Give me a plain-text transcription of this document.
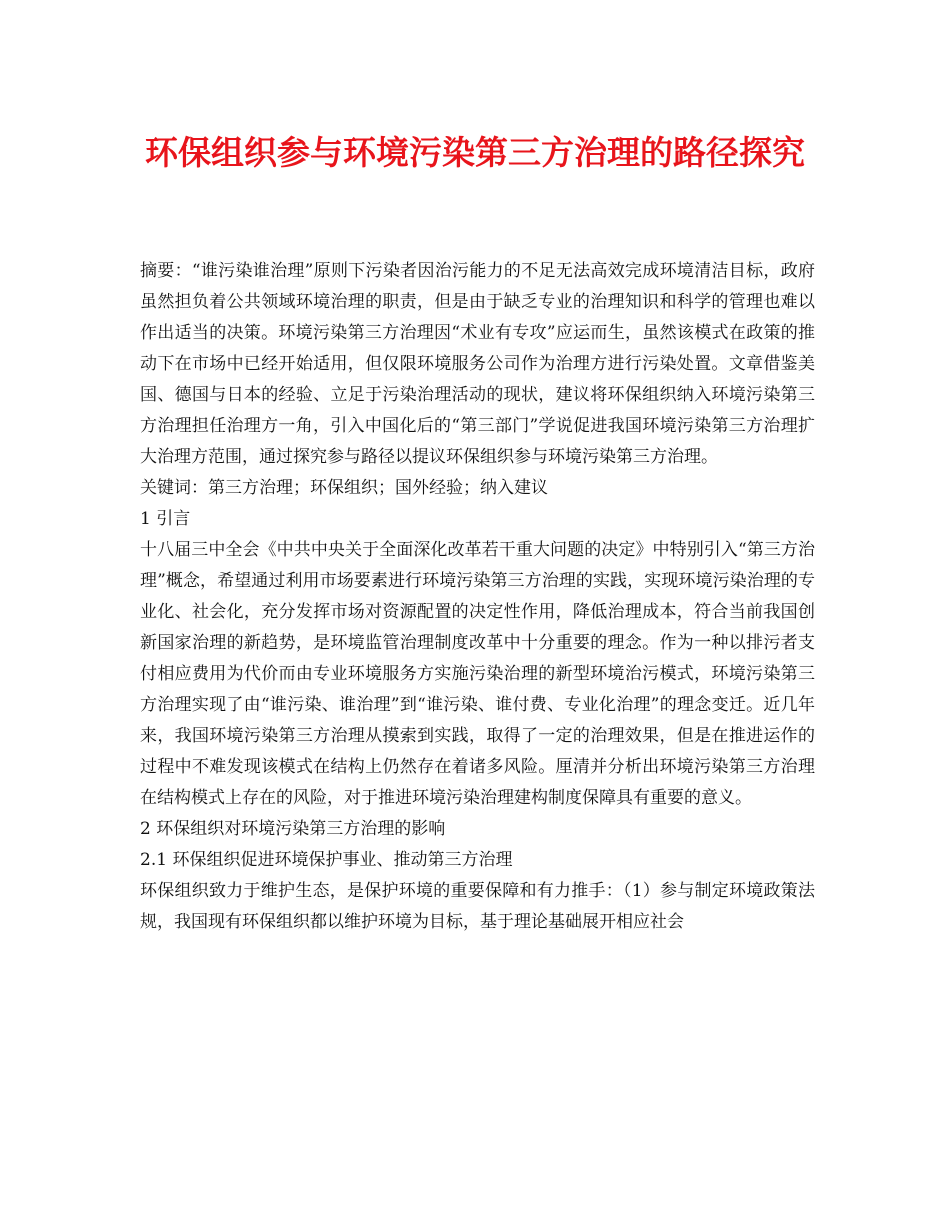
环保组织参与环境污染第三方治理的路径探究

摘要：“谁污染谁治理”原则下污染者因治污能力的不足无法高效完成环境清洁目标，政府虽然担负着公共领域环境治理的职责，但是由于缺乏专业的治理知识和科学的管理也难以作出适当的决策。环境污染第三方治理因“术业有专攻”应运而生，虽然该模式在政策的推动下在市场中已经开始适用，但仅限环境服务公司作为治理方进行污染处置。文章借鉴美国、德国与日本的经验、立足于污染治理活动的现状，建议将环保组织纳入环境污染第三方治理担任治理方一角，引入中国化后的“第三部门”学说促进我国环境污染第三方治理扩大治理方范围，通过探究参与路径以提议环保组织参与环境污染第三方治理。

关键词：第三方治理；环保组织；国外经验；纳入建议

1 引言

十八届三中全会《中共中央关于全面深化改革若干重大问题的决定》中特别引入“第三方治理”概念，希望通过利用市场要素进行环境污染第三方治理的实践，实现环境污染治理的专业化、社会化，充分发挥市场对资源配置的决定性作用，降低治理成本，符合当前我国创新国家治理的新趋势，是环境监管治理制度改革中十分重要的理念。作为一种以排污者支付相应费用为代价而由专业环境服务方实施污染治理的新型环境治污模式，环境污染第三方治理实现了由“谁污染、谁治理”到“谁污染、谁付费、专业化治理”的理念变迁。近几年来，我国环境污染第三方治理从摸索到实践，取得了一定的治理效果，但是在推进运作的过程中不难发现该模式在结构上仍然存在着诸多风险。厘清并分析出环境污染第三方治理在结构模式上存在的风险，对于推进环境污染治理建构制度保障具有重要的意义。

2 环保组织对环境污染第三方治理的影响

2.1 环保组织促进环境保护事业、推动第三方治理

环保组织致力于维护生态，是保护环境的重要保障和有力推手：（1）参与制定环境政策法规，我国现有环保组织都以维护环境为目标，基于理论基础展开相应社会
